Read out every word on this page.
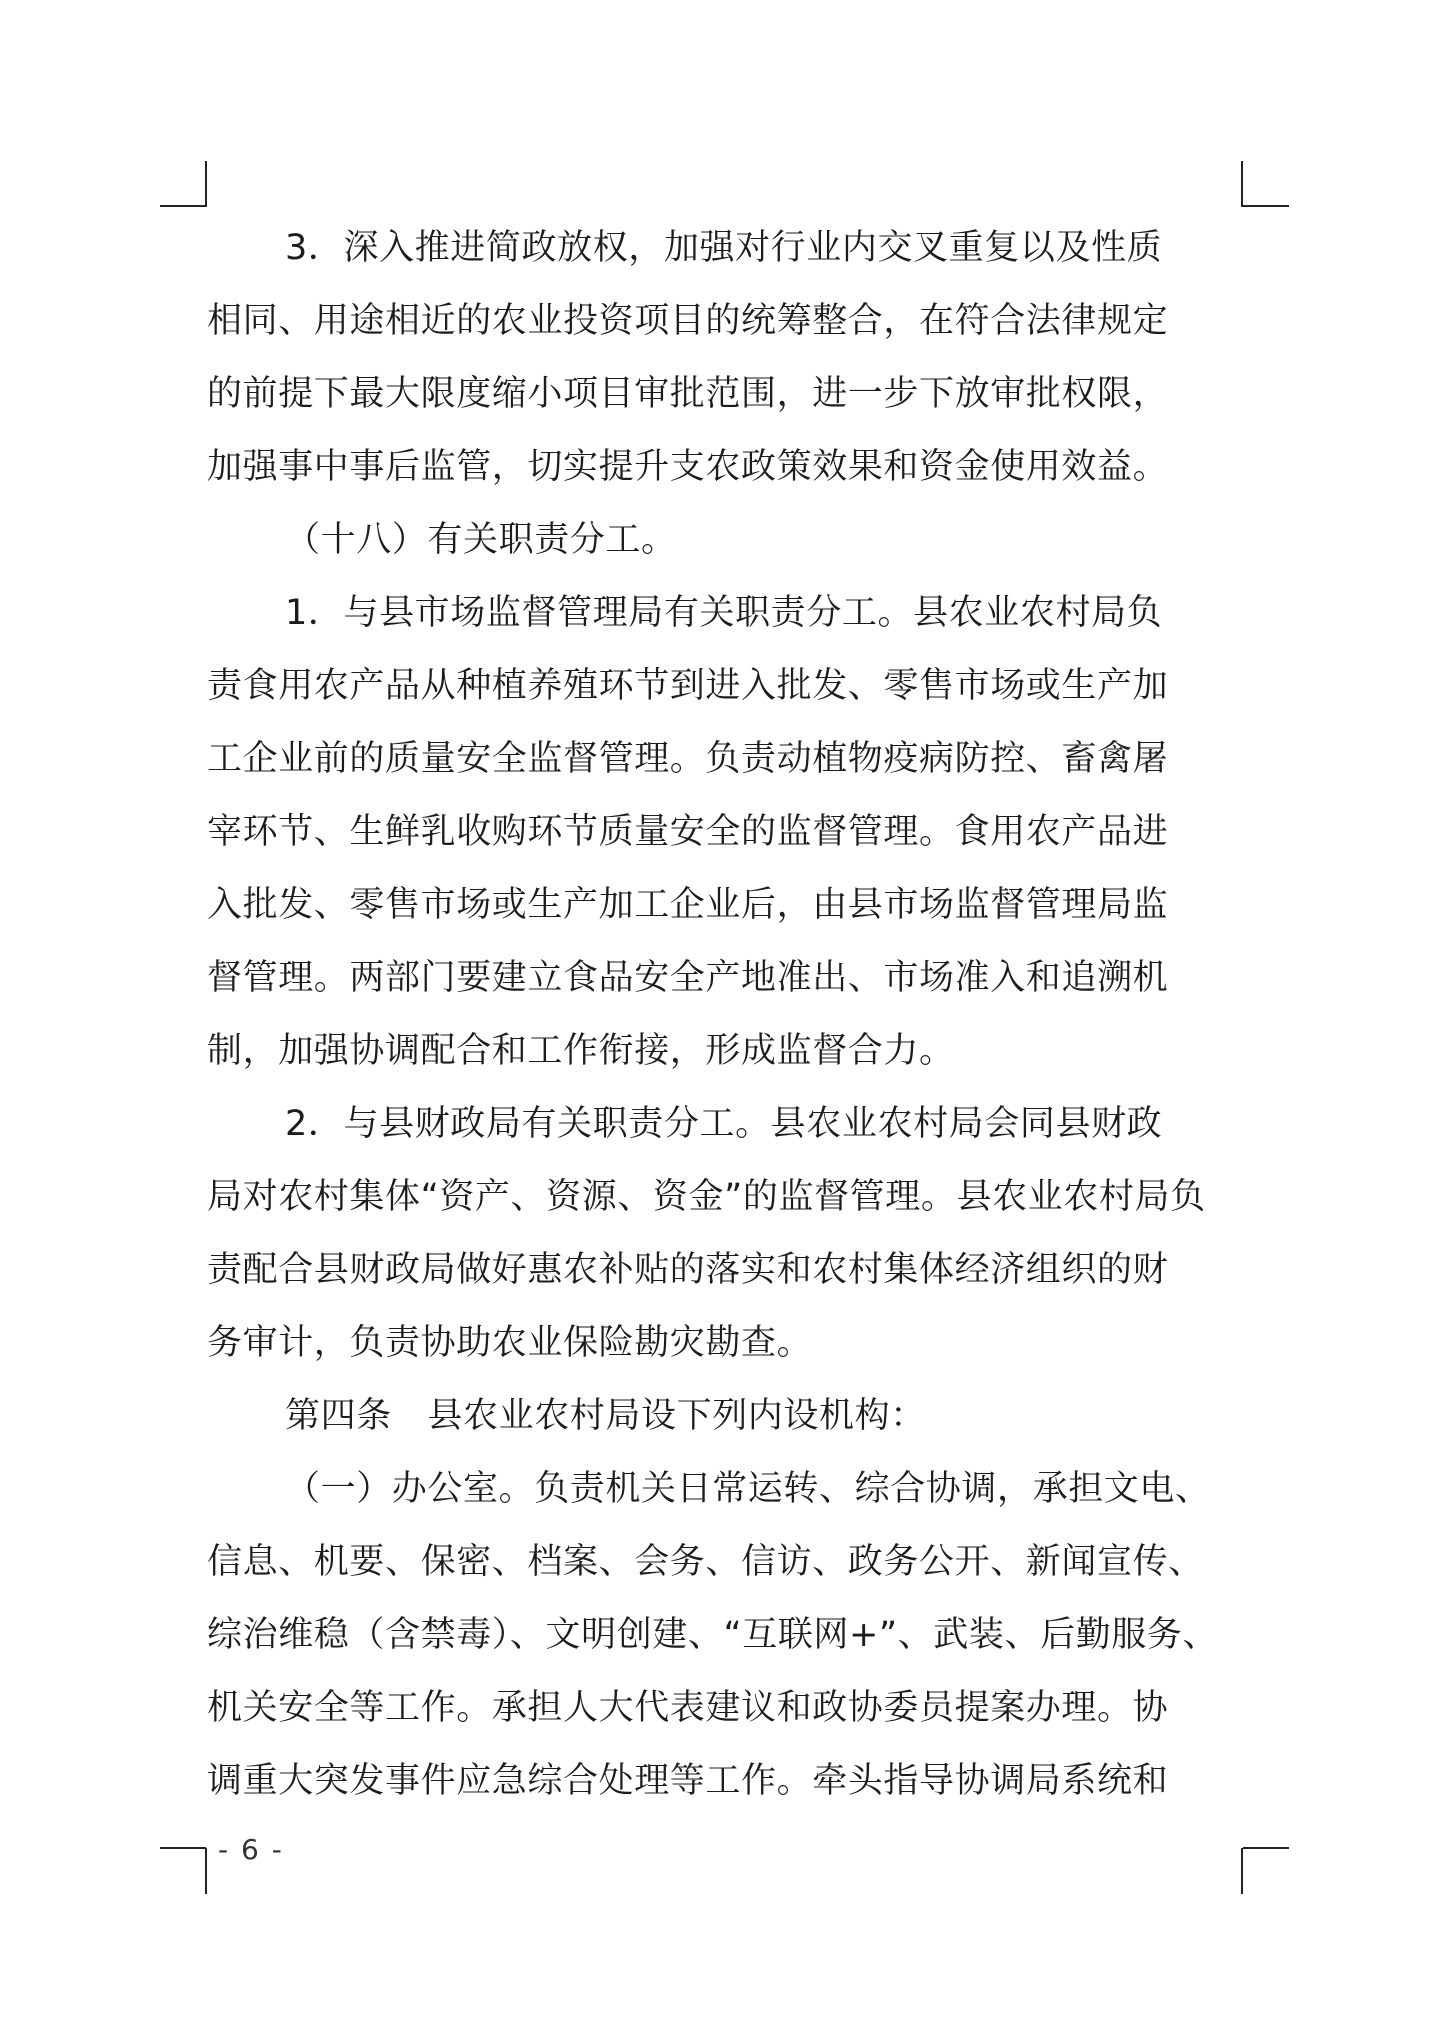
3．深入推进简政放权，加强对行业内交叉重复以及性质
相同、用途相近的农业投资项目的统筹整合，在符合法律规定
的前提下最大限度缩小项目审批范围，进一步下放审批权限，
加强事中事后监管，切实提升支农政策效果和资金使用效益。
（十八）有关职责分工。
1．与县市场监督管理局有关职责分工。县农业农村局负
责食用农产品从种植养殖环节到进入批发、零售市场或生产加
工企业前的质量安全监督管理。负责动植物疫病防控、畜禽屠
宰环节、生鲜乳收购环节质量安全的监督管理。食用农产品进
入批发、零售市场或生产加工企业后，由县市场监督管理局监
督管理。两部门要建立食品安全产地准出、市场准入和追溯机
制，加强协调配合和工作衔接，形成监督合力。
2．与县财政局有关职责分工。县农业农村局会同县财政
局对农村集体“资产、资源、资金”的监督管理。县农业农村局负
责配合县财政局做好惠农补贴的落实和农村集体经济组织的财
务审计，负责协助农业保险勘灾勘查。
第四条　县农业农村局设下列内设机构：
（一）办公室。负责机关日常运转、综合协调，承担文电、
信息、机要、保密、档案、会务、信访、政务公开、新闻宣传、
综治维稳（含禁毒）、文明创建、“互联网+”、武装、后勤服务、
机关安全等工作。承担人大代表建议和政协委员提案办理。协
调重大突发事件应急综合处理等工作。牵头指导协调局系统和
- 6 -
